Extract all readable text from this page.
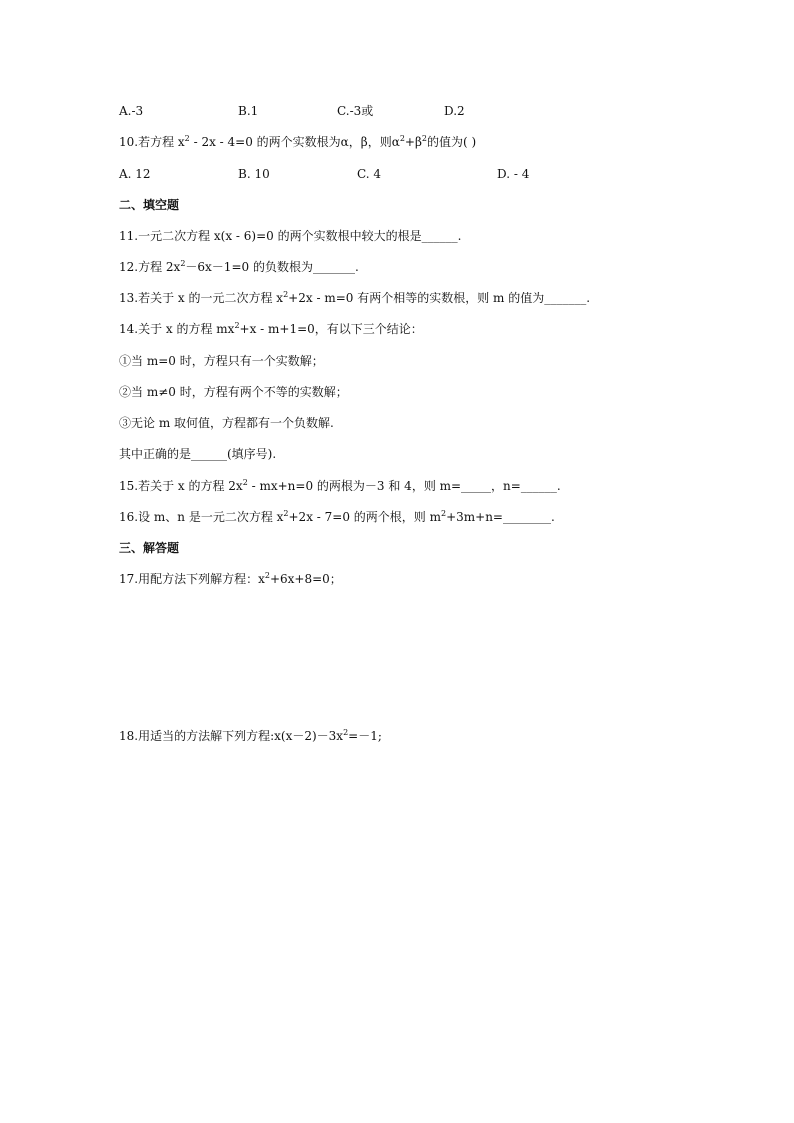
A.-3	B.1	C.-3或	D.2
10.若方程 $x^2 - 2x - 4=0$ 的两个实数根为α，β，则$\alpha^2+\beta^2$的值为( )
A. 12	B. 10	C. 4	D. - 4
二、填空题
11.一元二次方程 x(x - 6)=0 的两个实数根中较大的根是______.
12.方程 $2x^2-6x-1=0$ 的负数根为_______.
13.若关于 x 的一元二次方程 $x^2+2x - m=0$ 有两个相等的实数根，则 m 的值为_______.
14.关于 x 的方程 $mx^2+x - m+1=0$，有以下三个结论：
①当 m=0 时，方程只有一个实数解；
②当 m≠0 时，方程有两个不等的实数解；
③无论 m 取何值，方程都有一个负数解.
其中正确的是______(填序号).
15.若关于 x 的方程 $2x^2 - mx+n=0$ 的两根为－3 和 4，则 m=_____，n=______.
16.设 m、n 是一元二次方程 $x^2+2x - 7=0$ 的两个根，则 $m^2+3m+n=\_\_\_\_\_\_\_\_$.
三、解答题
17.用配方法下列解方程：$x^2+6x+8=0$；
18.用适当的方法解下列方程$:x(x-2)-3x^2=-1$;
